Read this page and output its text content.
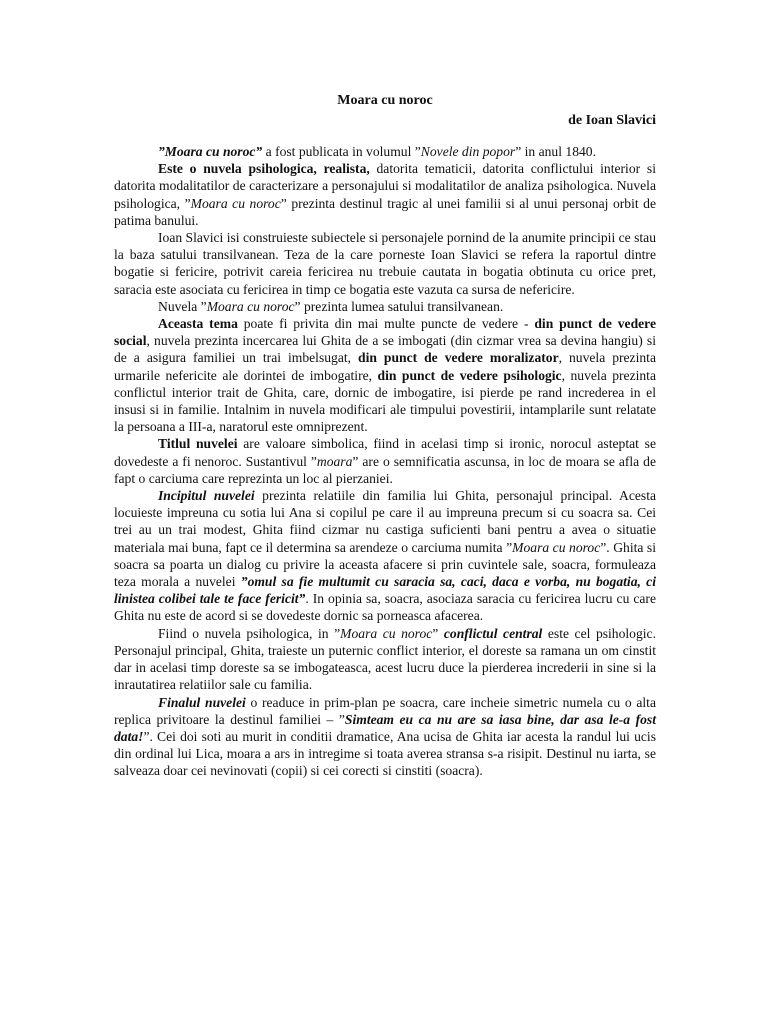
Moara cu noroc
de Ioan Slavici

”Moara cu noroc” a fost publicata in volumul ”Novele din popor” in anul 1840.

Este o nuvela psihologica, realista, datorita tematicii, datorita conflictului interior si datorita modalitatilor de caracterizare a personajului si modalitatilor de analiza psihologica. Nuvela psihologica, ”Moara cu noroc” prezinta destinul tragic al unei familii si al unui personaj orbit de patima banului.

Ioan Slavici isi construieste subiectele si personajele pornind de la anumite principii ce stau la baza satului transilvanean. Teza de la care porneste Ioan Slavici se refera la raportul dintre bogatie si fericire, potrivit careia fericirea nu trebuie cautata in bogatia obtinuta cu orice pret, saracia este asociata cu fericirea in timp ce bogatia este vazuta ca sursa de nefericire.

Nuvela ”Moara cu noroc” prezinta lumea satului transilvanean.

Aceasta tema poate fi privita din mai multe puncte de vedere - din punct de vedere social, nuvela prezinta incercarea lui Ghita de a se imbogati (din cizmar vrea sa devina hangiu) si de a asigura familiei un trai imbelsugat, din punct de vedere moralizator, nuvela prezinta urmarile nefericite ale dorintei de imbogatire, din punct de vedere psihologic, nuvela prezinta conflictul interior trait de Ghita, care, dornic de imbogatire, isi pierde pe rand increderea in el insusi si in familie. Intalnim in nuvela modificari ale timpului povestirii, intamplarile sunt relatate la persoana a III-a, naratorul este omniprezent.

Titlul nuvelei are valoare simbolica, fiind in acelasi timp si ironic, norocul asteptat se dovedeste a fi nenoroc. Sustantivul ”moara” are o semnificatia ascunsa, in loc de moara se afla de fapt o carciuma care reprezinta un loc al pierzaniei.

Incipitul nuvelei prezinta relatiile din familia lui Ghita, personajul principal. Acesta locuieste impreuna cu sotia lui Ana si copilul pe care il au impreuna precum si cu soacra sa. Cei trei au un trai modest, Ghita fiind cizmar nu castiga suficienti bani pentru a avea o situatie materiala mai buna, fapt ce il determina sa arendeze o carciuma numita ”Moara cu noroc”. Ghita si soacra sa poarta un dialog cu privire la aceasta afacere si prin cuvintele sale, soacra, formuleaza teza morala a nuvelei ”omul sa fie multumit cu saracia sa, caci, daca e vorba, nu bogatia, ci linistea colibei tale te face fericit”. In opinia sa, soacra, asociaza saracia cu fericirea lucru cu care Ghita nu este de acord si se dovedeste dornic sa porneasca afacerea.

Fiind o nuvela psihologica, in ”Moara cu noroc” conflictul central este cel psihologic. Personajul principal, Ghita, traieste un puternic conflict interior, el doreste sa ramana un om cinstit dar in acelasi timp doreste sa se imbogateasca, acest lucru duce la pierderea increderii in sine si la inrautatirea relatiilor sale cu familia.

Finalul nuvelei o readuce in prim-plan pe soacra, care incheie simetric numela cu o alta replica privitoare la destinul familiei – ”Simteam eu ca nu are sa iasa bine, dar asa le-a fost data!”. Cei doi soti au murit in conditii dramatice, Ana ucisa de Ghita iar acesta la randul lui ucis din ordinal lui Lica, moara a ars in intregime si toata averea stransa s-a risipit. Destinul nu iarta, se salveaza doar cei nevinovati (copii) si cei corecti si cinstiti (soacra).
